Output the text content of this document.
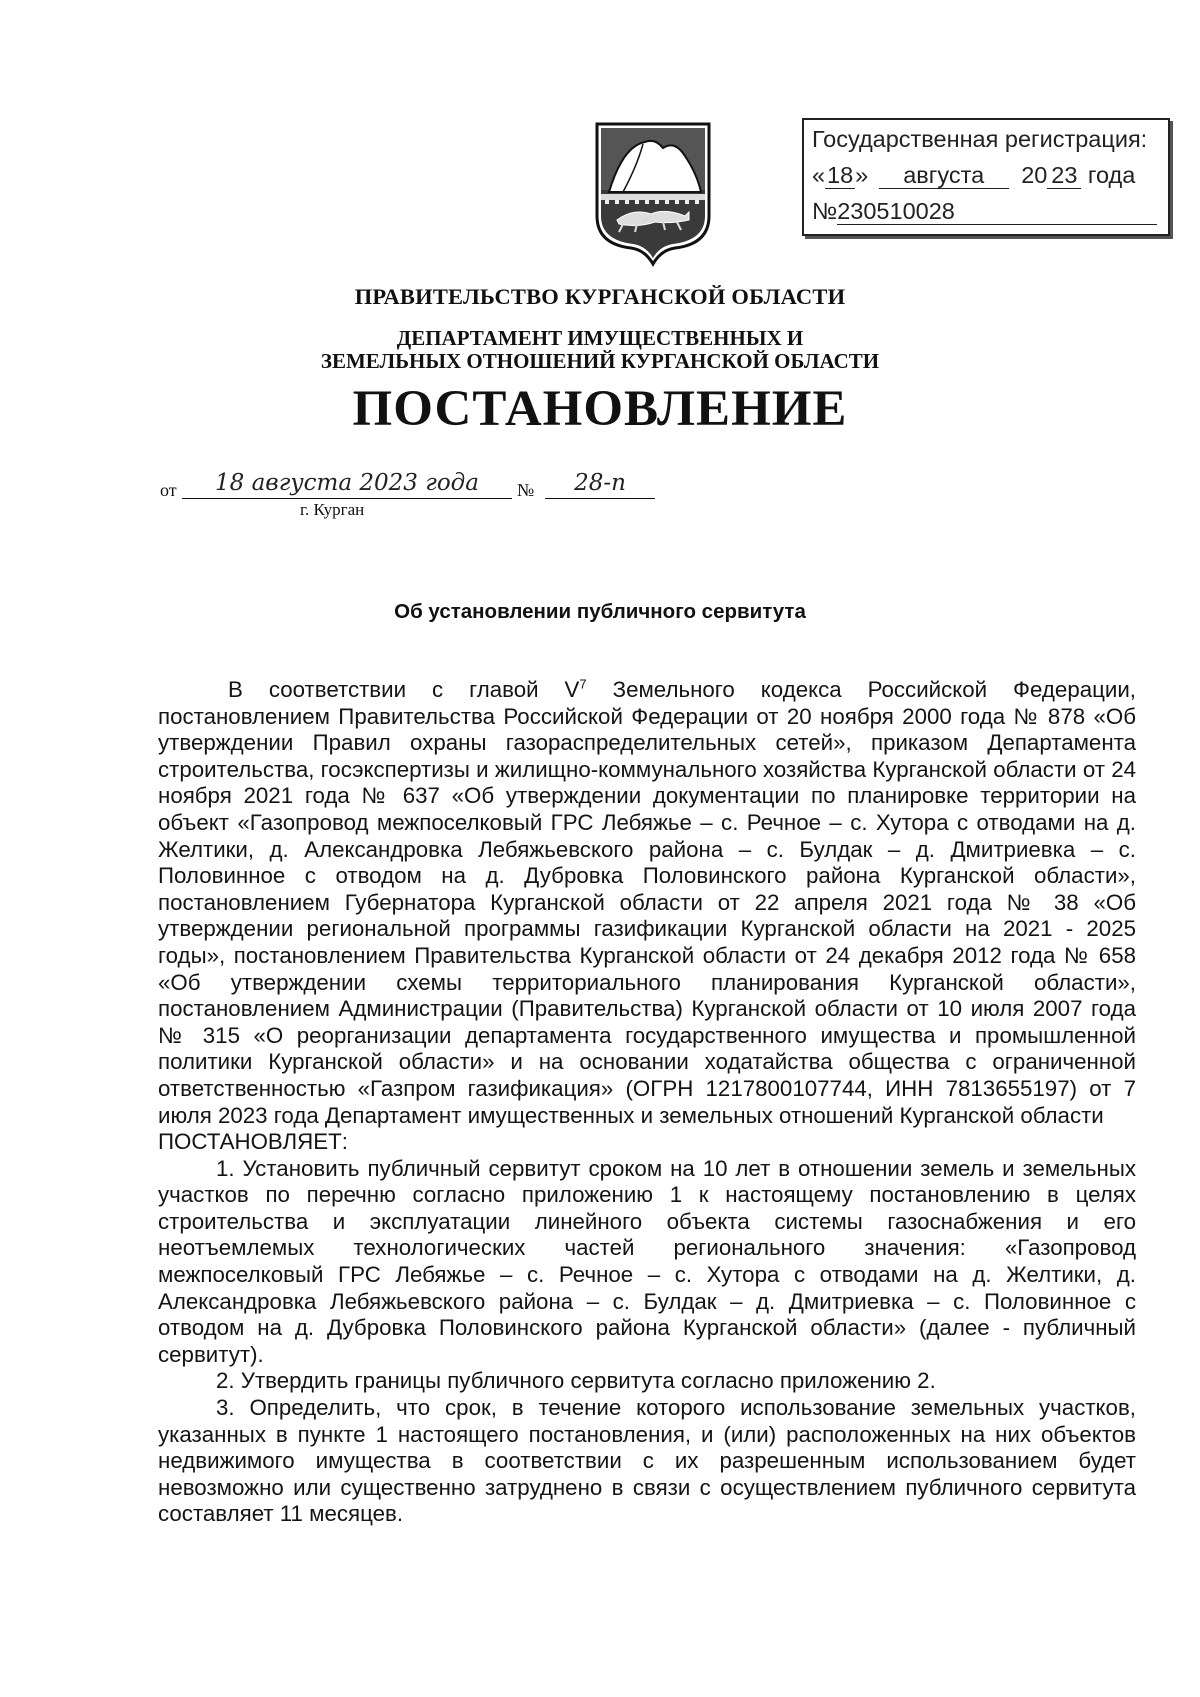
Государственная регистрация:
«18» августа 20 23 года
№230510028
ПРАВИТЕЛЬСТВО КУРГАНСКОЙ ОБЛАСТИ
ДЕПАРТАМЕНТ ИМУЩЕСТВЕННЫХ И
ЗЕМЕЛЬНЫХ ОТНОШЕНИЙ КУРГАНСКОЙ ОБЛАСТИ
ПОСТАНОВЛЕНИЕ
от	18 августа 2023 года	№	28-п
г. Курган
Об установлении публичного сервитута

В соответствии с главой $V^7$ Земельного кодекса Российской Федерации, постановлением Правительства Российской Федерации от 20 ноября 2000 года № 878 «Об утверждении Правил охраны газораспределительных сетей», приказом Департамента строительства, госэкспертизы и жилищно-коммунального хозяйства Курганской области от 24 ноября 2021 года № 637 «Об утверждении документации по планировке территории на объект «Газопровод межпоселковый ГРС Лебяжье – с. Речное – с. Хутора с отводами на д. Желтики, д. Александровка Лебяжьевского района – с. Булдак – д. Дмитриевка – с. Половинное с отводом на д. Дубровка Половинского района Курганской области», постановлением Губернатора Курганской области от 22 апреля 2021 года № 38 «Об утверждении региональной программы газификации Курганской области на 2021 - 2025 годы», постановлением Правительства Курганской области от 24 декабря 2012 года № 658 «Об утверждении схемы территориального планирования Курганской области», постановлением Администрации (Правительства) Курганской области от 10 июля 2007 года № 315 «О реорганизации департамента государственного имущества и промышленной политики Курганской области» и на основании ходатайства общества с ограниченной ответственностью «Газпром газификация» (ОГРН 1217800107744, ИНН 7813655197) от 7 июля 2023 года Департамент имущественных и земельных отношений Курганской области

ПОСТАНОВЛЯЕТ:

1. Установить публичный сервитут сроком на 10 лет в отношении земель и земельных участков по перечню согласно приложению 1 к настоящему постановлению в целях строительства и эксплуатации линейного объекта системы газоснабжения и его неотъемлемых технологических частей регионального значения: «Газопровод межпоселковый ГРС Лебяжье – с. Речное – с. Хутора с отводами на д. Желтики, д. Александровка Лебяжьевского района – с. Булдак – д. Дмитриевка – с. Половинное с отводом на д. Дубровка Половинского района Курганской области» (далее - публичный сервитут).

2. Утвердить границы публичного сервитута согласно приложению 2.

3. Определить, что срок, в течение которого использование земельных участков, указанных в пункте 1 настоящего постановления, и (или) расположенных на них объектов недвижимого имущества в соответствии с их разрешенным использованием будет невозможно или существенно затруднено в связи с осуществлением публичного сервитута составляет 11 месяцев.
